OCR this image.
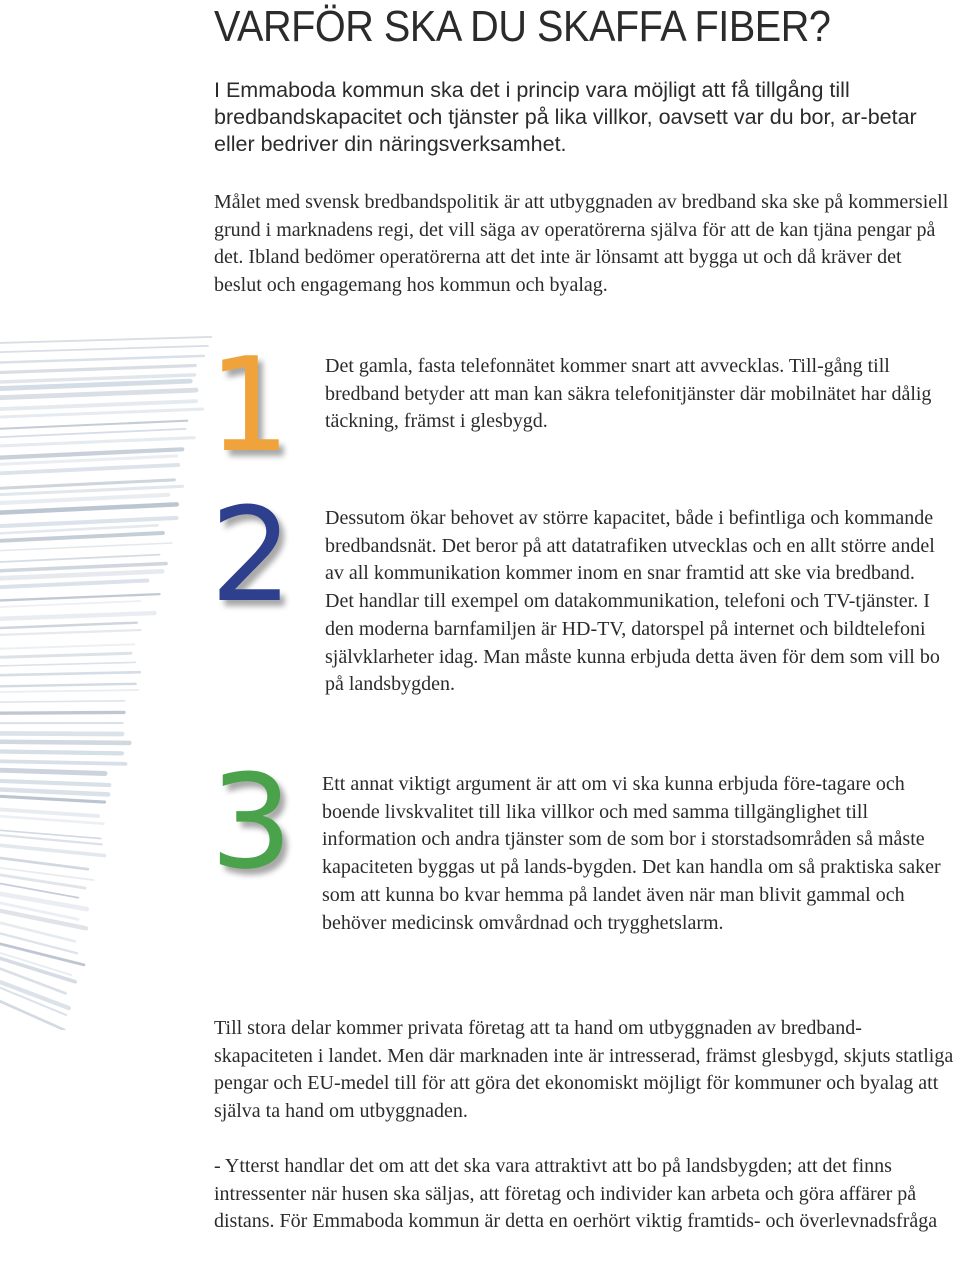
VARFÖR SKA DU SKAFFA FIBER?

I Emmaboda kommun ska det i princip vara möjligt att få tillgång till bredbandskapacitet och tjänster på lika villkor, oavsett var du bor, ar-betar eller bedriver din näringsverksamhet.

Målet med svensk bredbandspolitik är att utbyggnaden av bredband ska ske på kommersiell grund i marknadens regi, det vill säga av operatörerna själva för att de kan tjäna pengar på det. Ibland bedömer operatörerna att det inte är lönsamt att bygga ut och då kräver det beslut och engagemang hos kommun och byalag.

1 Det gamla, fasta telefonnätet kommer snart att avvecklas. Till-gång till bredband betyder att man kan säkra telefonitjänster där mobilnätet har dålig täckning, främst i glesbygd.

2 Dessutom ökar behovet av större kapacitet, både i befintliga och kommande bredbandsnät. Det beror på att datatrafiken utvecklas och en allt större andel av all kommunikation kommer inom en snar framtid att ske via bredband. Det handlar till exempel om datakommunikation, telefoni och TV-tjänster. I den moderna barnfamiljen är HD-TV, datorspel på internet och bildtelefoni självklarheter idag. Man måste kunna erbjuda detta även för dem som vill bo på landsbygden.

3 Ett annat viktigt argument är att om vi ska kunna erbjuda före-tagare och boende livskvalitet till lika villkor och med samma tillgänglighet till information och andra tjänster som de som bor i storstadsområden så måste kapaciteten byggas ut på lands-bygden. Det kan handla om så praktiska saker som att kunna bo kvar hemma på landet även när man blivit gammal och behöver medicinsk omvårdnad och trygghetslarm.

Till stora delar kommer privata företag att ta hand om utbyggnaden av bredband-skapaciteten i landet. Men där marknaden inte är intresserad, främst glesbygd, skjuts statliga pengar och EU-medel till för att göra det ekonomiskt möjligt för kommuner och byalag att själva ta hand om utbyggnaden.

- Ytterst handlar det om att det ska vara attraktivt att bo på landsbygden; att det finns intressenter när husen ska säljas, att företag och individer kan arbeta och göra affärer på distans. För Emmaboda kommun är detta en oerhört viktig framtids- och överlevnadsfråga
